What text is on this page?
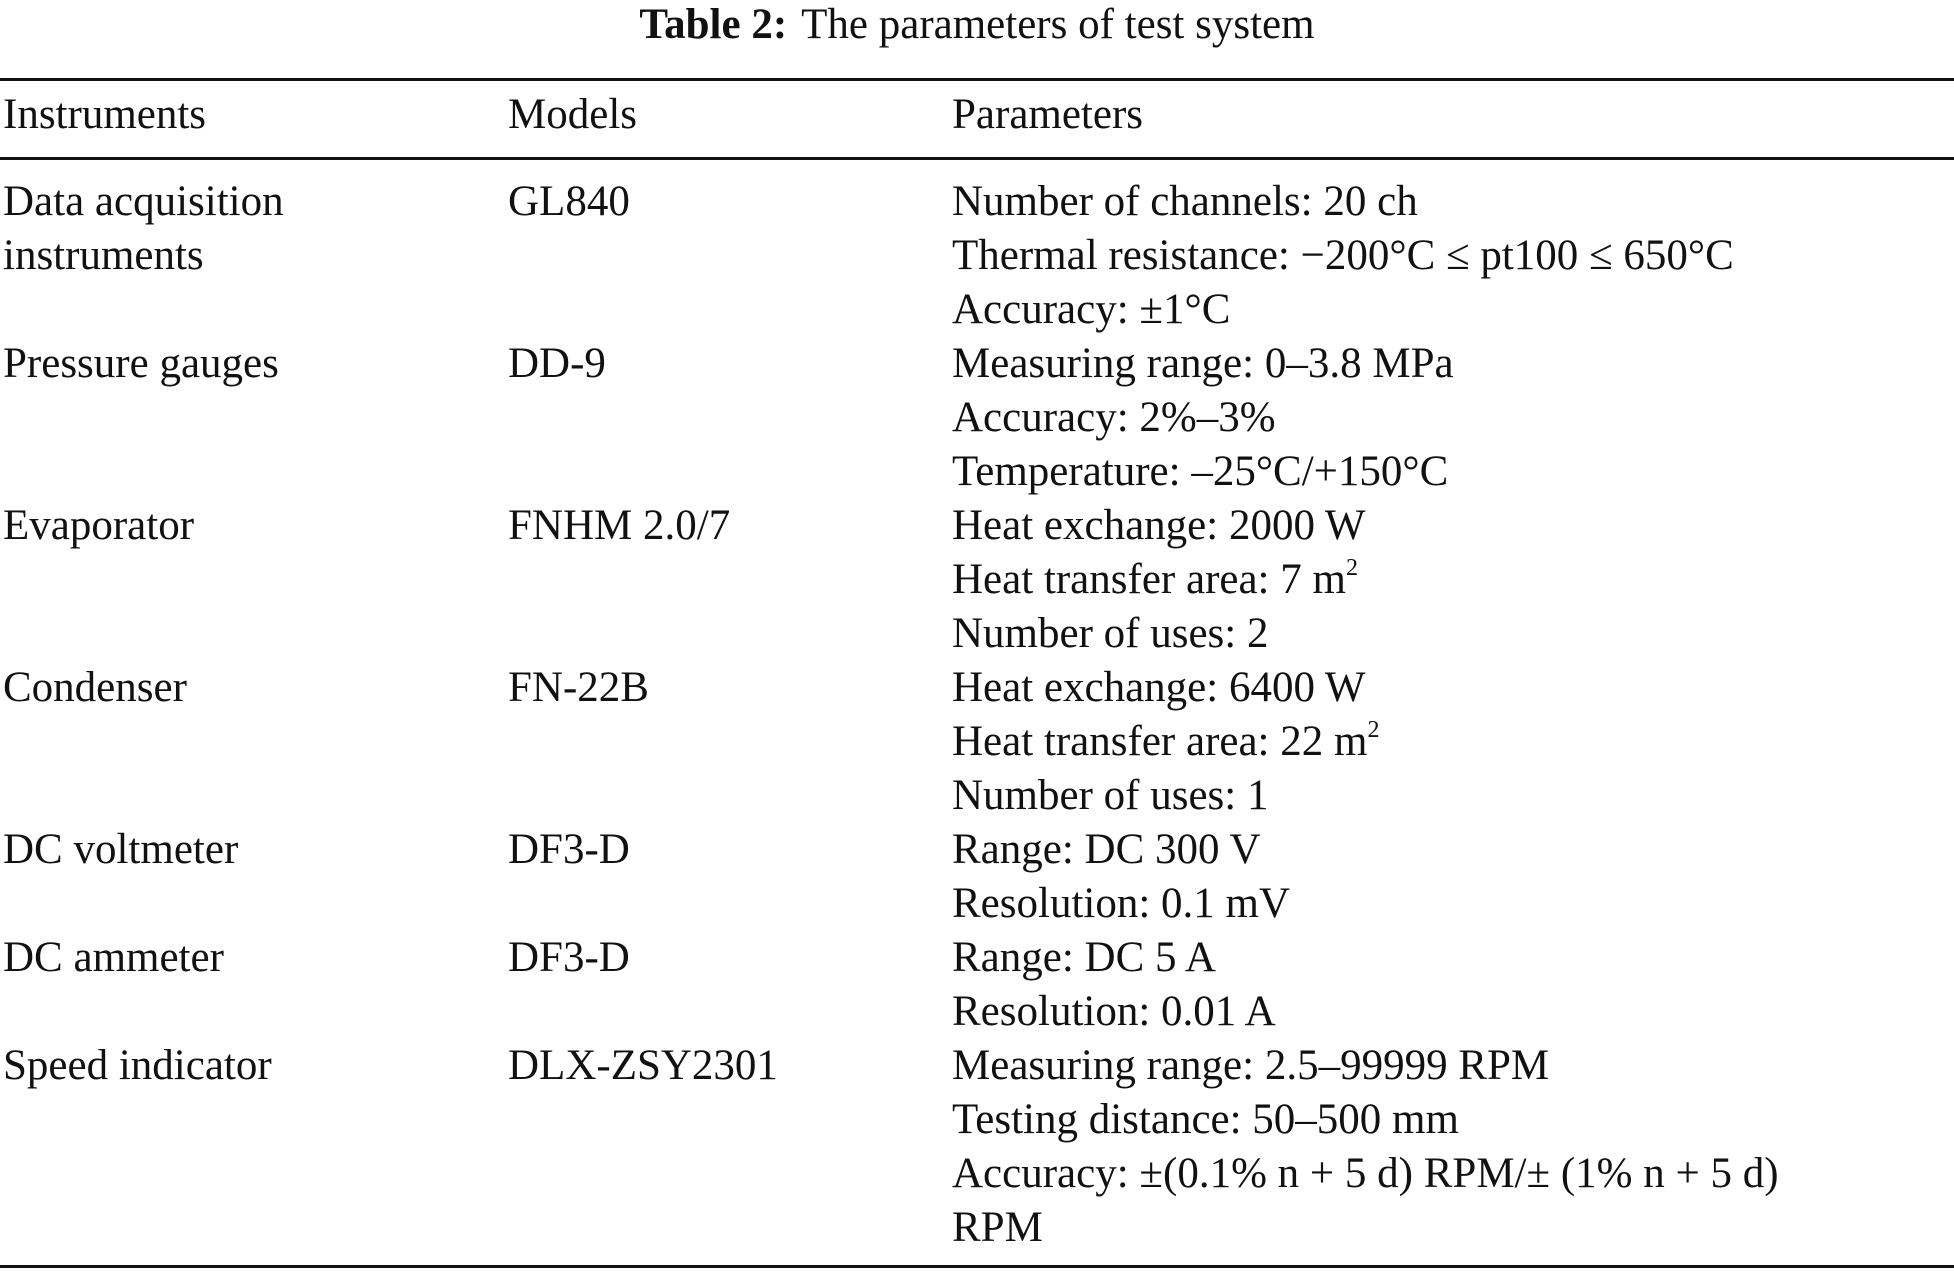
Table 2: The parameters of test system
Instruments	Models	Parameters
Data acquisition
instruments
GL840	Number of channels: 20 ch
Thermal resistance: −200°C ≤ pt100 ≤ 650°C
Accuracy: ±1°C
Pressure gauges	DD-9	Measuring range: 0–3.8 MPa
Accuracy: 2%–3%
Temperature: –25°C/+150°C
Evaporator	FNHM 2.0/7	Heat exchange: 2000 W
Heat transfer area: 7 $m^2$
Number of uses: 2
Condenser	FN-22B	Heat exchange: 6400 W
Heat transfer area: 22 $m^2$
Number of uses: 1
DC voltmeter	DF3-D	Range: DC 300 V
Resolution: 0.1 mV
DC ammeter	DF3-D	Range: DC 5 A
Resolution: 0.01 A
Speed indicator	DLX-ZSY2301	Measuring range: 2.5–99999 RPM
Testing distance: 50–500 mm
Accuracy: ±(0.1% n + 5 d) RPM/± (1% n + 5 d)
RPM
